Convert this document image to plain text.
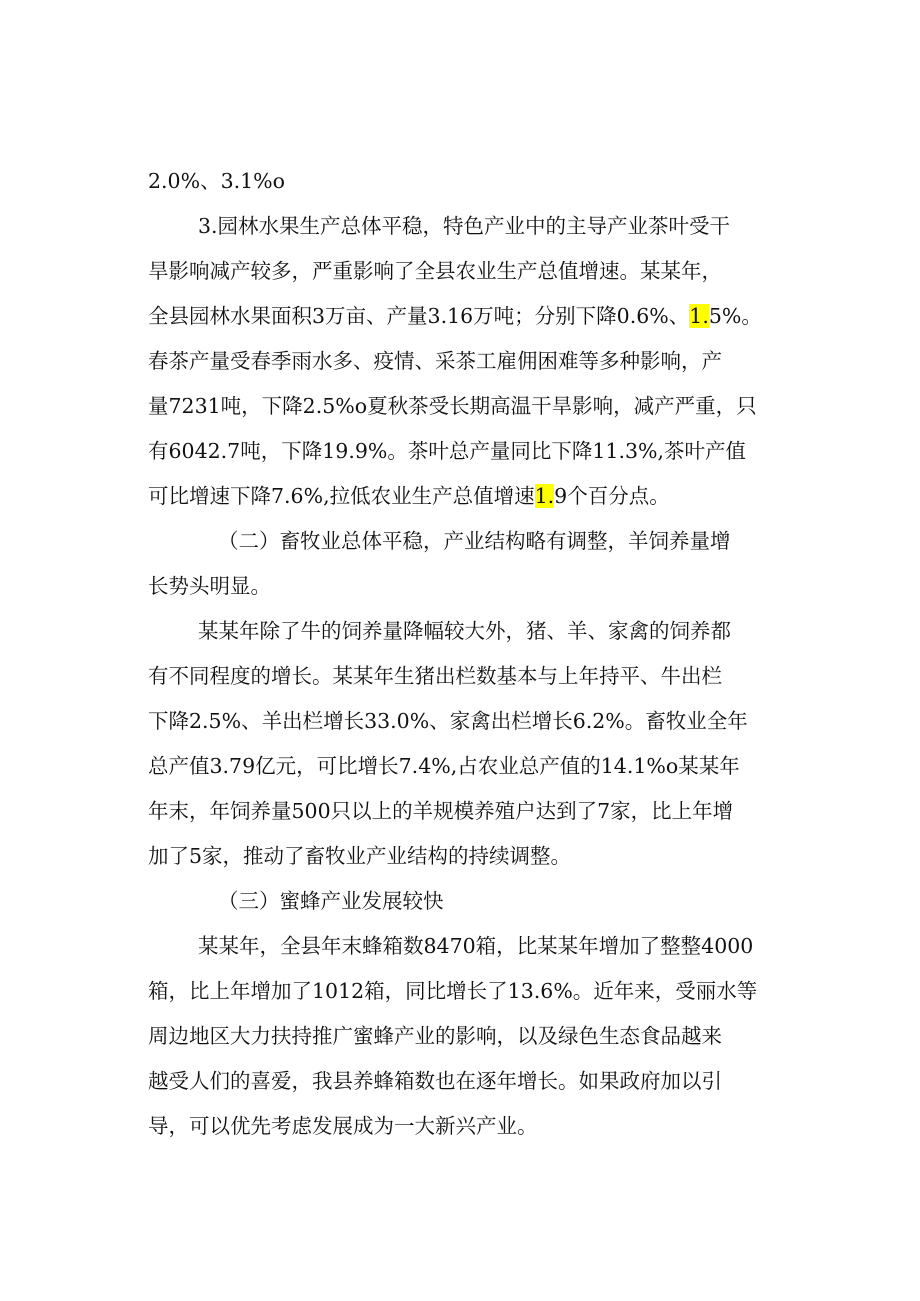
2.0%、3.1%o
3.园林水果生产总体平稳，特色产业中的主导产业茶叶受干
旱影响减产较多，严重影响了全县农业生产总值增速。某某年，
全县园林水果面积3万亩、产量3.16万吨；分别下降0.6%、1.5%。
春茶产量受春季雨水多、疫情、采茶工雇佣困难等多种影响，产
量7231吨，下降2.5%o夏秋茶受长期高温干旱影响，减产严重，只
有6042.7吨，下降19.9%。茶叶总产量同比下降11.3%,茶叶产值
可比增速下降7.6%,拉低农业生产总值增速1.9个百分点。
（二）畜牧业总体平稳，产业结构略有调整，羊饲养量增
长势头明显。
某某年除了牛的饲养量降幅较大外，猪、羊、家禽的饲养都
有不同程度的增长。某某年生猪出栏数基本与上年持平、牛出栏
下降2.5%、羊出栏增长33.0%、家禽出栏增长6.2%。畜牧业全年
总产值3.79亿元，可比增长7.4%,占农业总产值的14.1%o某某年
年末，年饲养量500只以上的羊规模养殖户达到了7家，比上年增
加了5家，推动了畜牧业产业结构的持续调整。
（三）蜜蜂产业发展较快
某某年，全县年末蜂箱数8470箱，比某某年增加了整整4000
箱，比上年增加了1012箱，同比增长了13.6%。近年来，受丽水等
周边地区大力扶持推广蜜蜂产业的影响，以及绿色生态食品越来
越受人们的喜爱，我县养蜂箱数也在逐年增长。如果政府加以引
导，可以优先考虑发展成为一大新兴产业。
